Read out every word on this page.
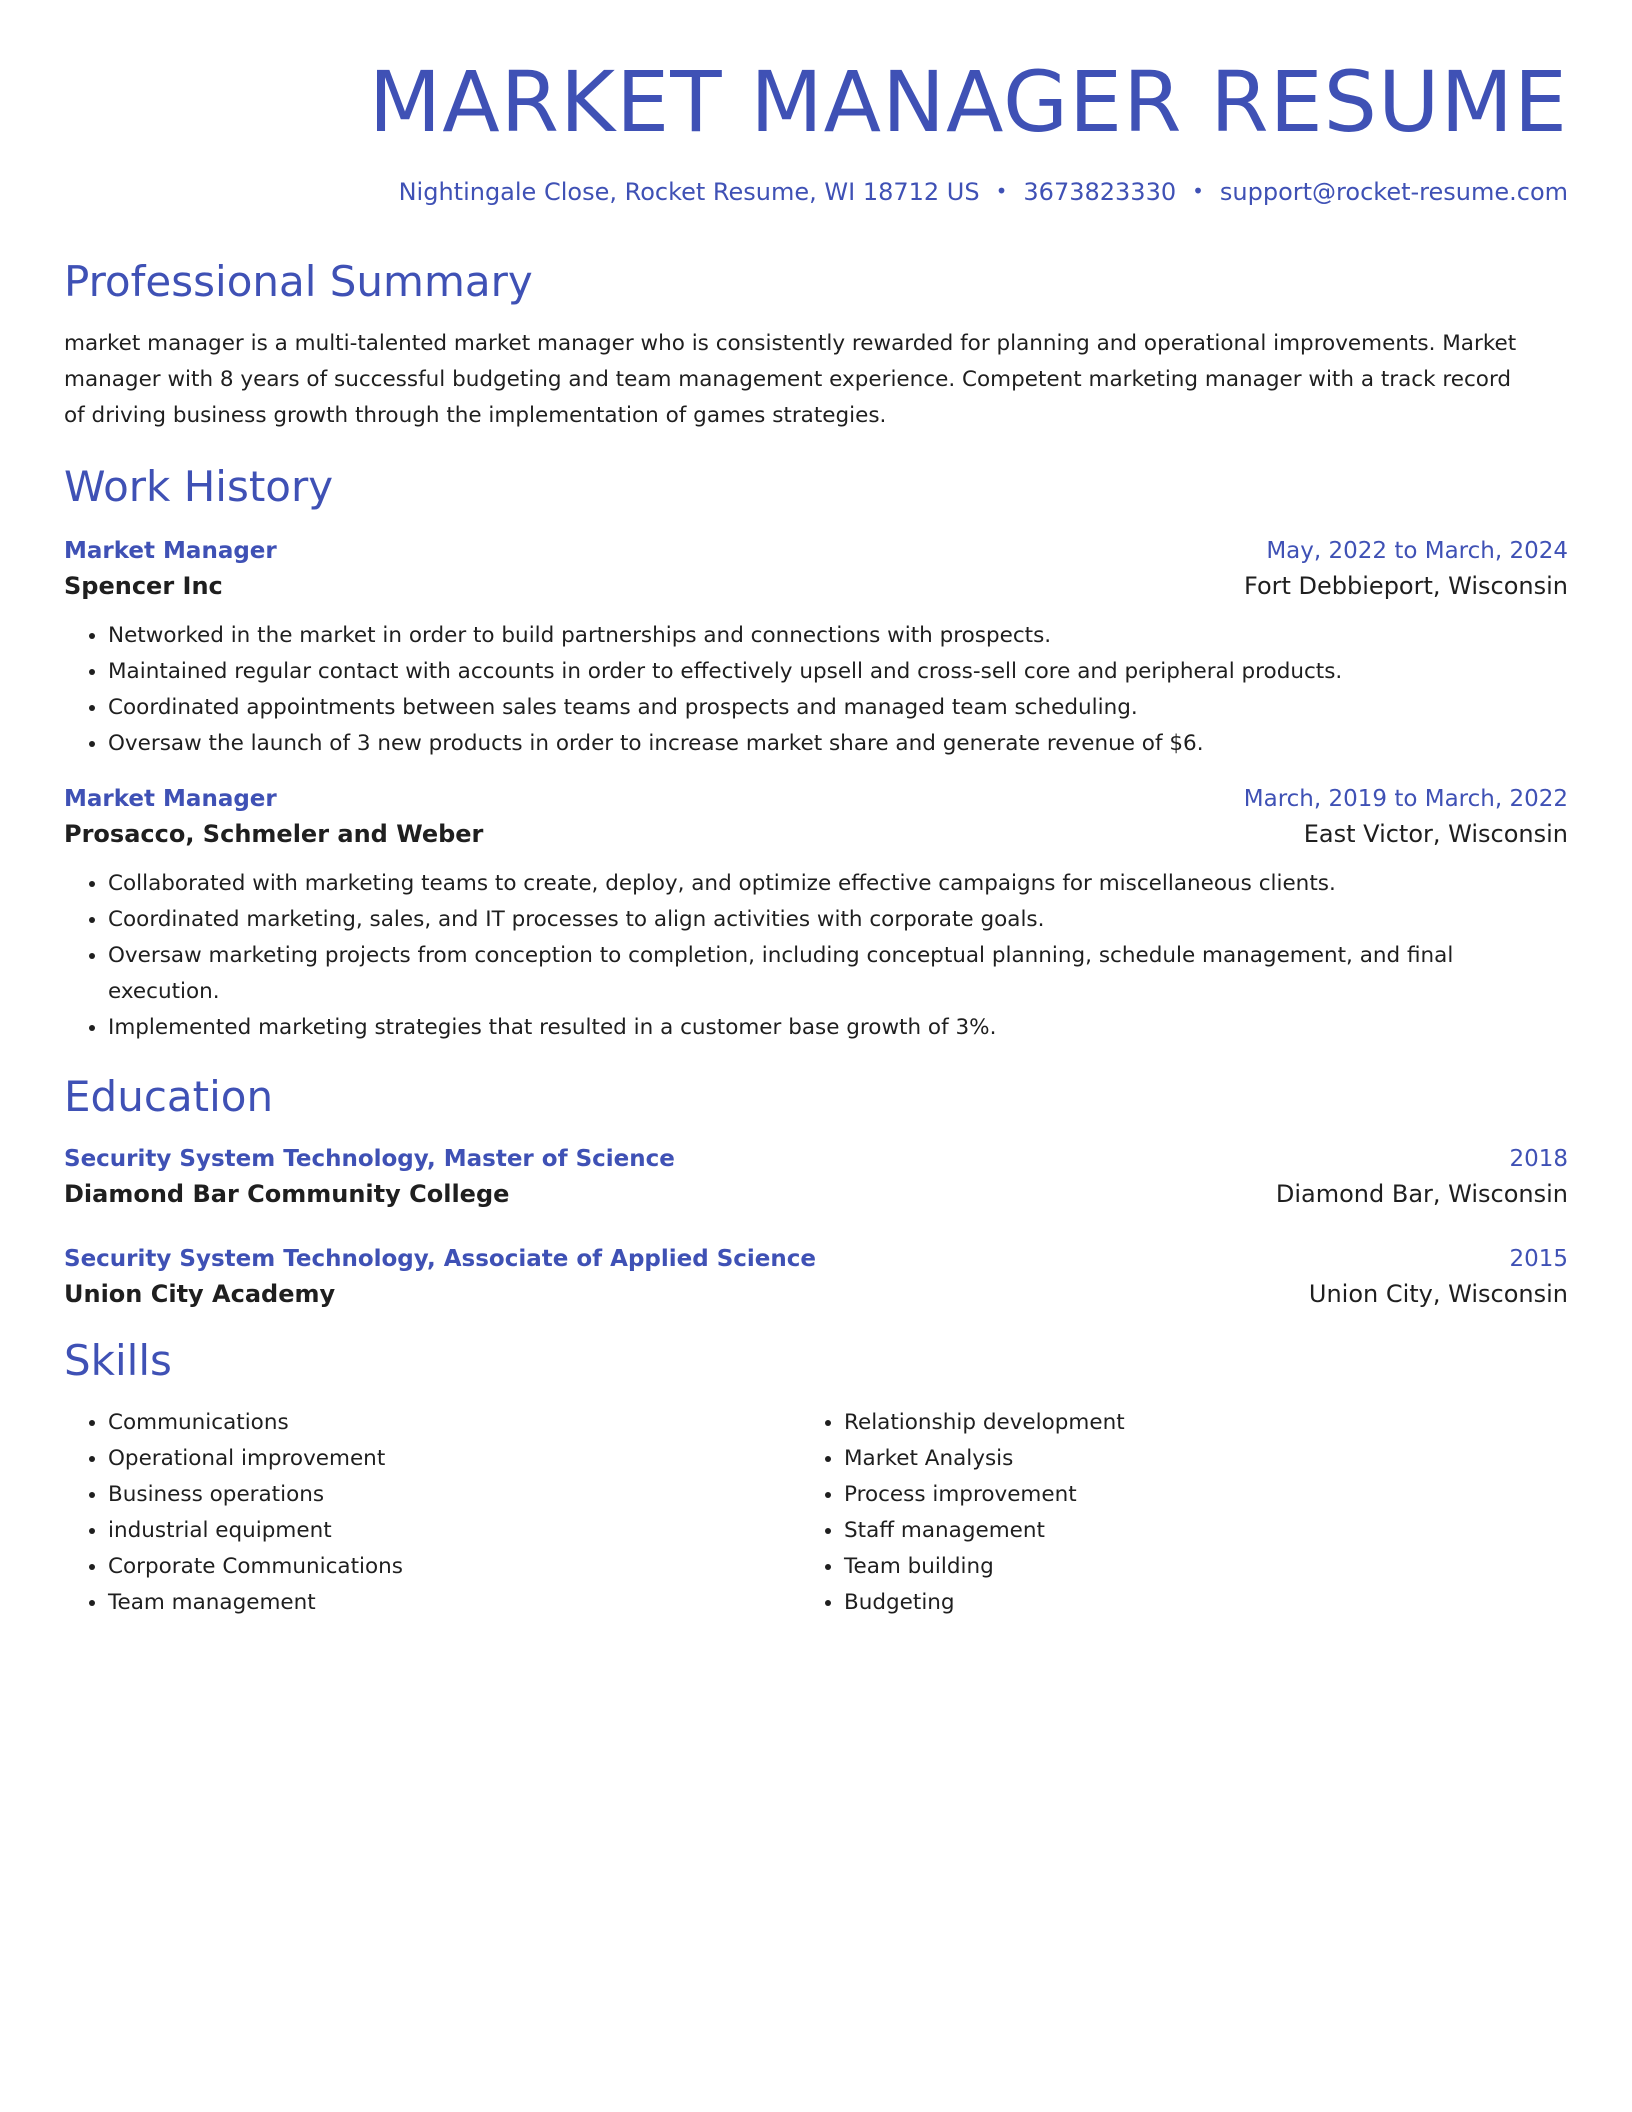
MARKET MANAGER RESUME
Nightingale Close, Rocket Resume, WI 18712 US • 3673823330 • support@rocket-resume.com
Professional Summary
market manager is a multi-talented market manager who is consistently rewarded for planning and operational improvements. Market manager with 8 years of successful budgeting and team management experience. Competent marketing manager with a track record of driving business growth through the implementation of games strategies.
Work History
Market Manager	May, 2022 to March, 2024
Spencer Inc	Fort Debbieport, Wisconsin
• Networked in the market in order to build partnerships and connections with prospects.
• Maintained regular contact with accounts in order to effectively upsell and cross-sell core and peripheral products.
• Coordinated appointments between sales teams and prospects and managed team scheduling.
• Oversaw the launch of 3 new products in order to increase market share and generate revenue of $6.
Market Manager	March, 2019 to March, 2022
Prosacco, Schmeler and Weber	East Victor, Wisconsin
• Collaborated with marketing teams to create, deploy, and optimize effective campaigns for miscellaneous clients.
• Coordinated marketing, sales, and IT processes to align activities with corporate goals.
• Oversaw marketing projects from conception to completion, including conceptual planning, schedule management, and final execution.
• Implemented marketing strategies that resulted in a customer base growth of 3%.
Education
Security System Technology, Master of Science	2018
Diamond Bar Community College	Diamond Bar, Wisconsin
Security System Technology, Associate of Applied Science	2015
Union City Academy	Union City, Wisconsin
Skills
• Communications
• Operational improvement
• Business operations
• industrial equipment
• Corporate Communications
• Team management
• Relationship development
• Market Analysis
• Process improvement
• Staff management
• Team building
• Budgeting
